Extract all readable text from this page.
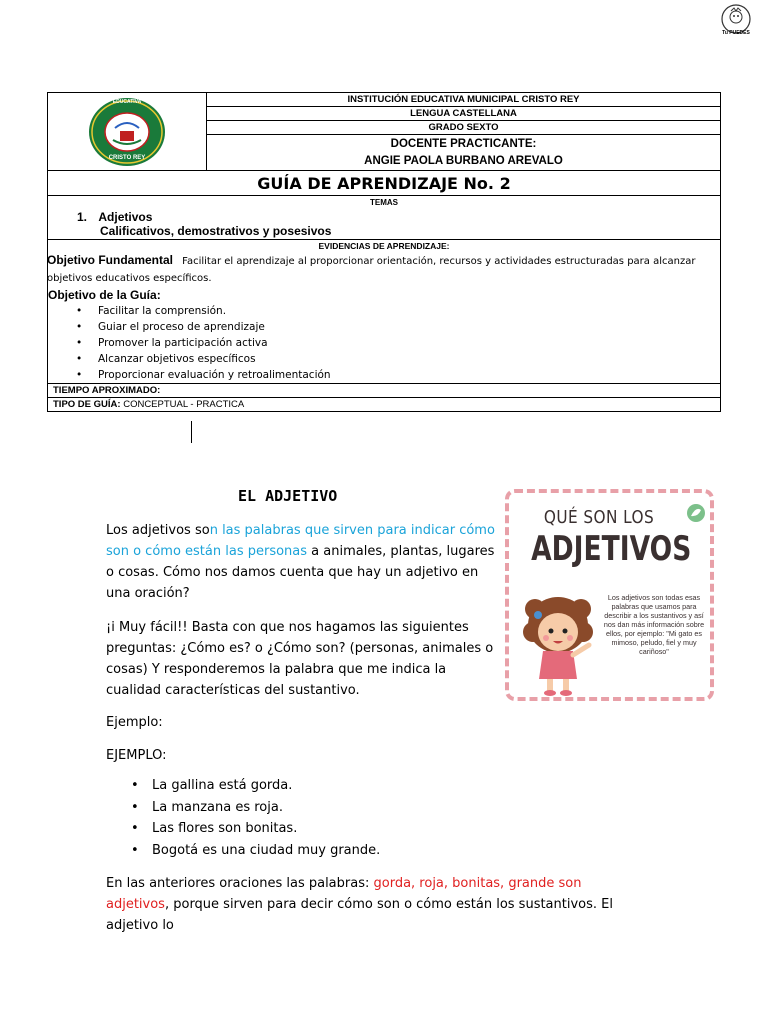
Tu PUEDES
EDUCATIVA
CRISTO REY
	INSTITUCIÓN EDUCATIVA MUNICIPAL CRISTO REY
LENGUA CASTELLANA
GRADO SEXTO

DOCENTE PRACTICANTE:
ANGIE PAOLA BURBANO AREVALO

GUÍA DE APRENDIZAJE No. 2

TEMAS
1. Adjetivos
Calificativos, demostrativos y posesivos

EVIDENCIAS DE APRENDIZAJE:
Objetivo Fundamental Facilitar el aprendizaje al proporcionar orientación, recursos y actividades estructuradas para alcanzar objetivos educativos específicos.
Objetivo de la Guía:
• Facilitar la comprensión.
• Guiar el proceso de aprendizaje
• Promover la participación activa
• Alcanzar objetivos específicos
• Proporcionar evaluación y retroalimentación

TIEMPO APROXIMADO:
TIPO DE GUÍA: CONCEPTUAL - PRACTICA
EL ADJETIVO
Los adjetivos son las palabras que sirven para indicar cómo son o cómo están las personas a animales, plantas, lugares o cosas. Cómo nos damos cuenta que hay un adjetivo en una oración?
¡i Muy fácil!! Basta con que nos hagamos las siguientes preguntas: ¿Cómo es? o ¿Cómo son? (personas, animales o cosas) Y responderemos la palabra que me indica la cualidad características del sustantivo.
Ejemplo:
EJEMPLO:
• La gallina está gorda.
• La manzana es roja.
• Las flores son bonitas.
• Bogotá es una ciudad muy grande.
En las anteriores oraciones las palabras: gorda, roja, bonitas, grande son adjetivos, porque sirven para decir cómo son o cómo están los sustantivos. El adjetivo lo
QUÉ SON LOS
ADJETIVOS
Los adjetivos son todas esas palabras que usamos para describir a los sustantivos y así nos dan más información sobre ellos, por ejemplo: "Mi gato es mimoso, peludo, fiel y muy cariñoso"
